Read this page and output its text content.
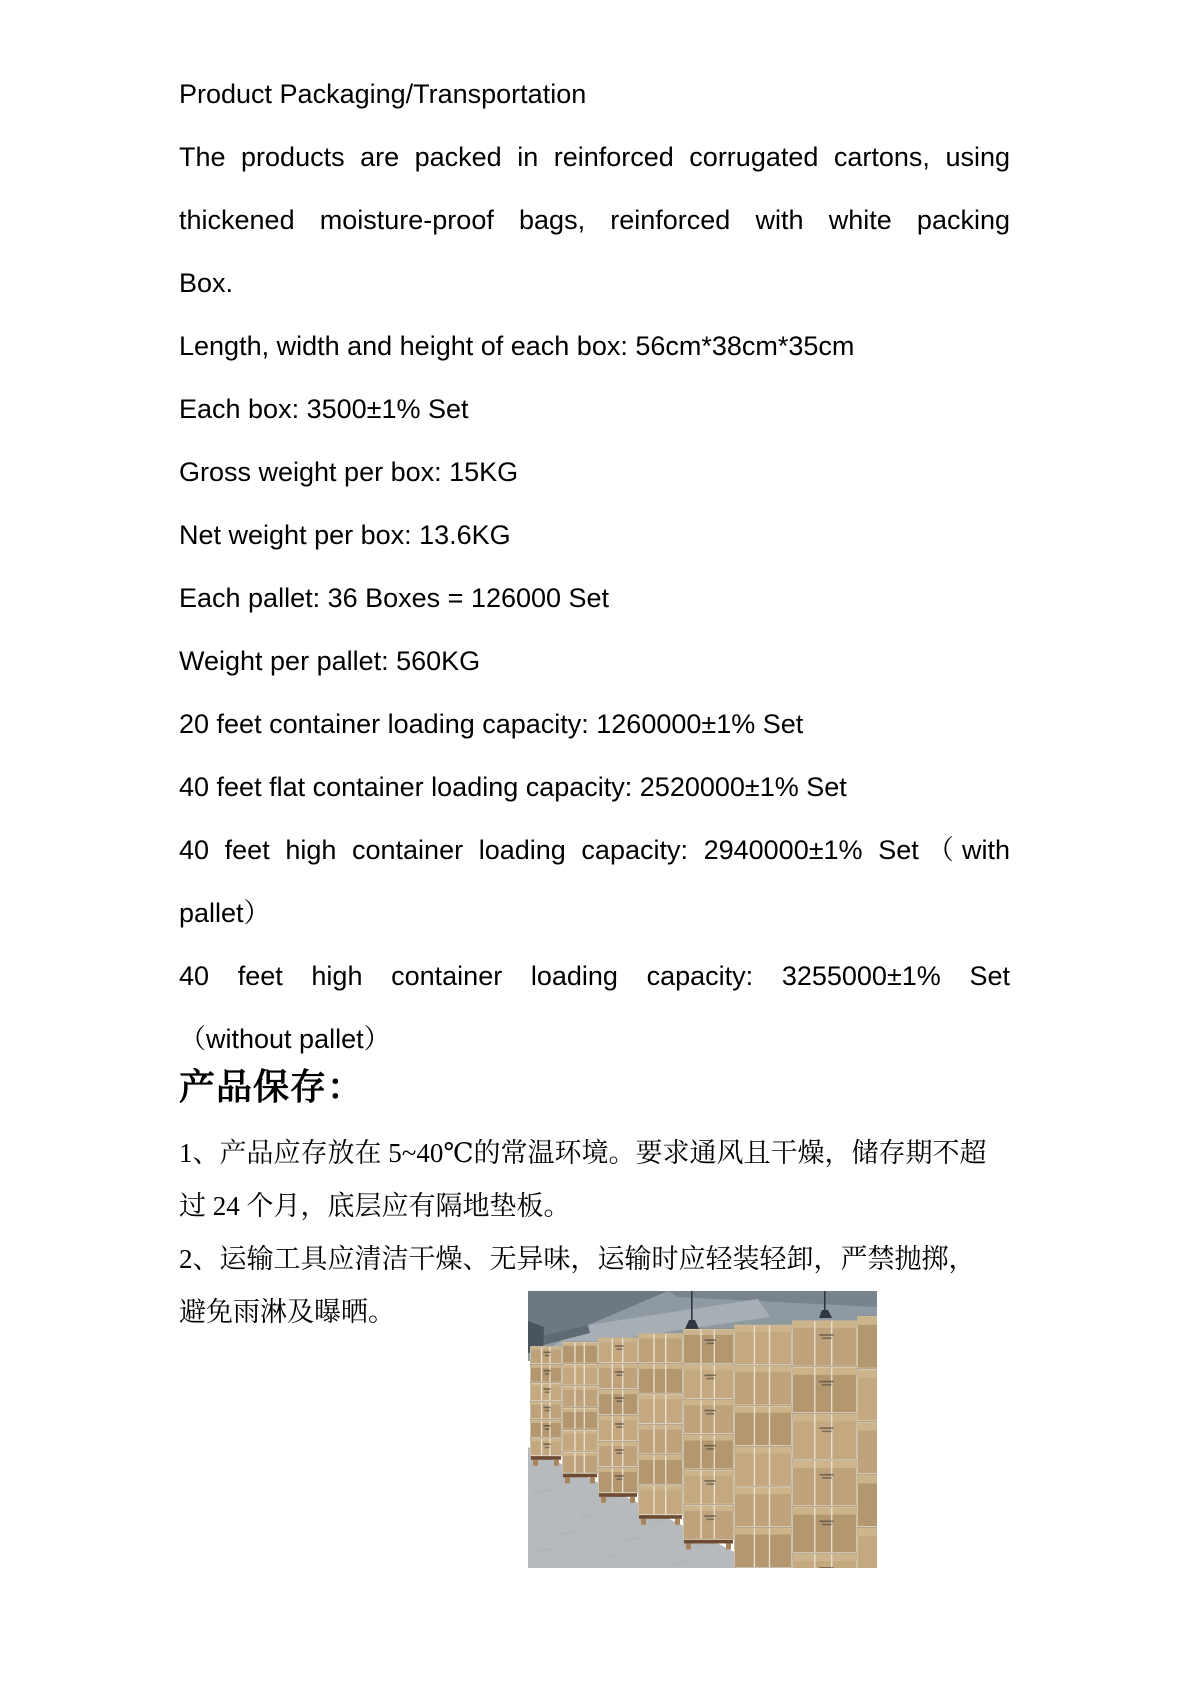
Product Packaging/Transportation
The products are packed in reinforced corrugated cartons, using
thickened moisture-proof bags, reinforced with white packing
Box.
Length, width and height of each box: 56cm*38cm*35cm
Each box: 3500±1% Set
Gross weight per box: 15KG
Net weight per box: 13.6KG
Each pallet: 36 Boxes = 126000 Set
Weight per pallet: 560KG
20 feet container loading capacity: 1260000±1% Set
40 feet flat container loading capacity: 2520000±1% Set
40 feet high container loading capacity: 2940000±1% Set（with
pallet）
40 feet high container loading capacity: 3255000±1% Set
（without pallet）
产品保存：
1、产品应存放在 5~40℃的常温环境。要求通风且干燥，储存期不超
过 24 个月，底层应有隔地垫板。
2、运输工具应清洁干燥、无异味，运输时应轻装轻卸，严禁抛掷，
避免雨淋及曝晒。
